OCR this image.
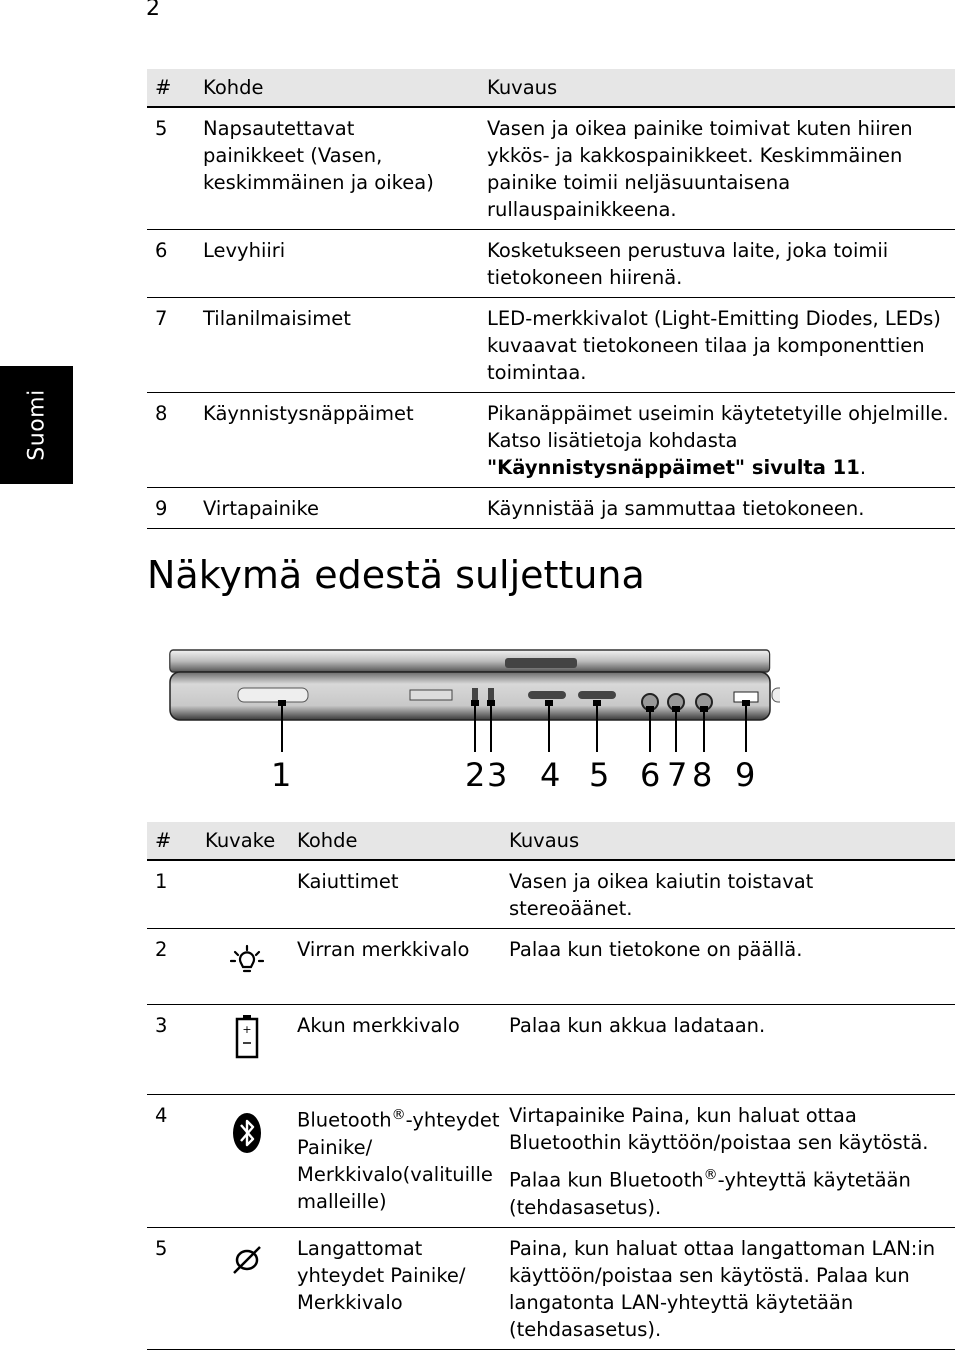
2
Suomi
#	Kohde	Kuvaus
5	Napsautettavat painikkeet (Vasen, keskimmäinen ja oikea)	Vasen ja oikea painike toimivat kuten hiiren ykkös- ja kakkospainikkeet. Keskimmäinen painike toimii neljäsuuntaisena rullauspainikkeena.
6	Levyhiiri	Kosketukseen perustuva laite, joka toimii tietokoneen hiirenä.
7	Tilanilmaisimet	LED-merkkivalot (Light-Emitting Diodes, LEDs) kuvaavat tietokoneen tilaa ja komponenttien toimintaa.
8	Käynnistysnäppäimet	Pikanäppäimet useimin käytetetyille ohjelmille. Katso lisätietoja kohdasta "Käynnistysnäppäimet" sivulta 11.
9	Virtapainike	Käynnistää ja sammuttaa tietokoneen.
Näkymä edestä suljettuna
1	2 3 4 5 6 7 8 9
#	Kuvake	Kohde	Kuvaus
1		Kaiuttimet	Vasen ja oikea kaiutin toistavat stereoäänet.
2		Virran merkkivalo	Palaa kun tietokone on päällä.
3	+	Akun merkkivalo	Palaa kun akkua ladataan.
4		Bluetooth®-yhteydet Painike/ Merkkivalo(valituille malleille)	Virtapainike Paina, kun haluat ottaa Bluetoothin käyttöön/poistaa sen käytöstä.
Palaa kun Bluetooth®-yhteyttä käytetään (tehdasasetus).

5		Langattomat yhteydet Painike/ Merkkivalo	Paina, kun haluat ottaa langattoman LAN:in käyttöön/poistaa sen käytöstä. Palaa kun langatonta LAN-yhteyttä käytetään (tehdasasetus).
